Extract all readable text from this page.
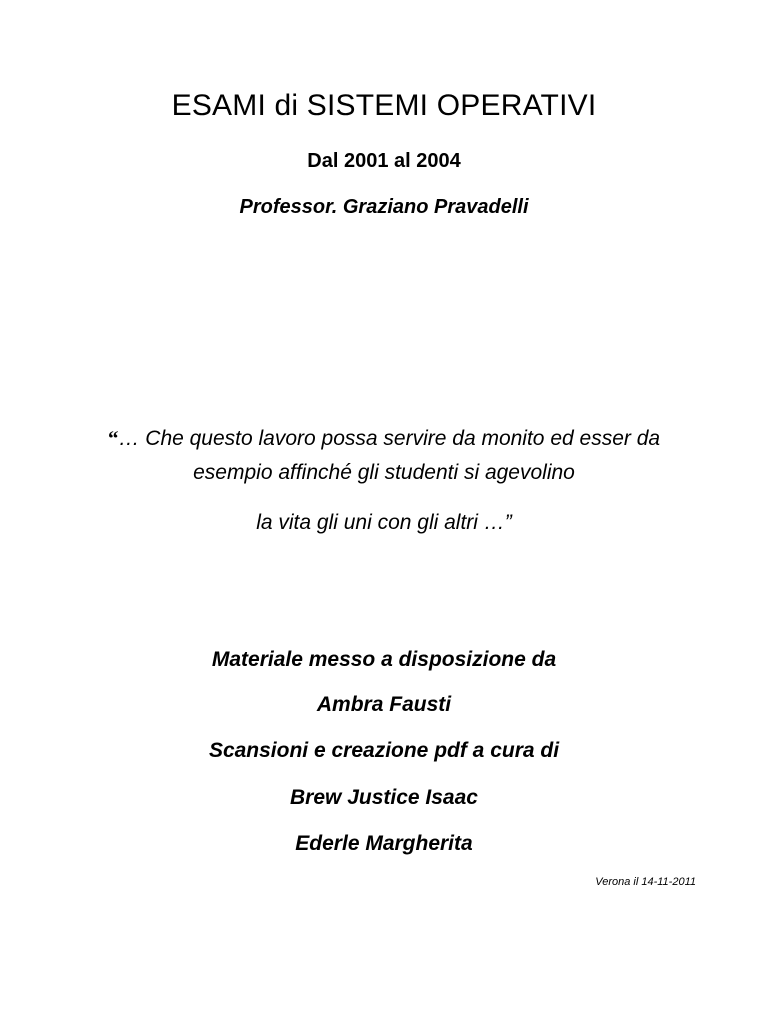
ESAMI di SISTEMI OPERATIVI
Dal 2001 al 2004
Professor. Graziano Pravadelli
“… Che questo lavoro possa servire da monito ed esser da
esempio affinché gli studenti si agevolino
la vita gli uni con gli altri …”
Materiale messo a disposizione da
Ambra Fausti
Scansioni e creazione pdf a cura di
Brew Justice Isaac
Ederle Margherita
Verona il 14-11-2011
